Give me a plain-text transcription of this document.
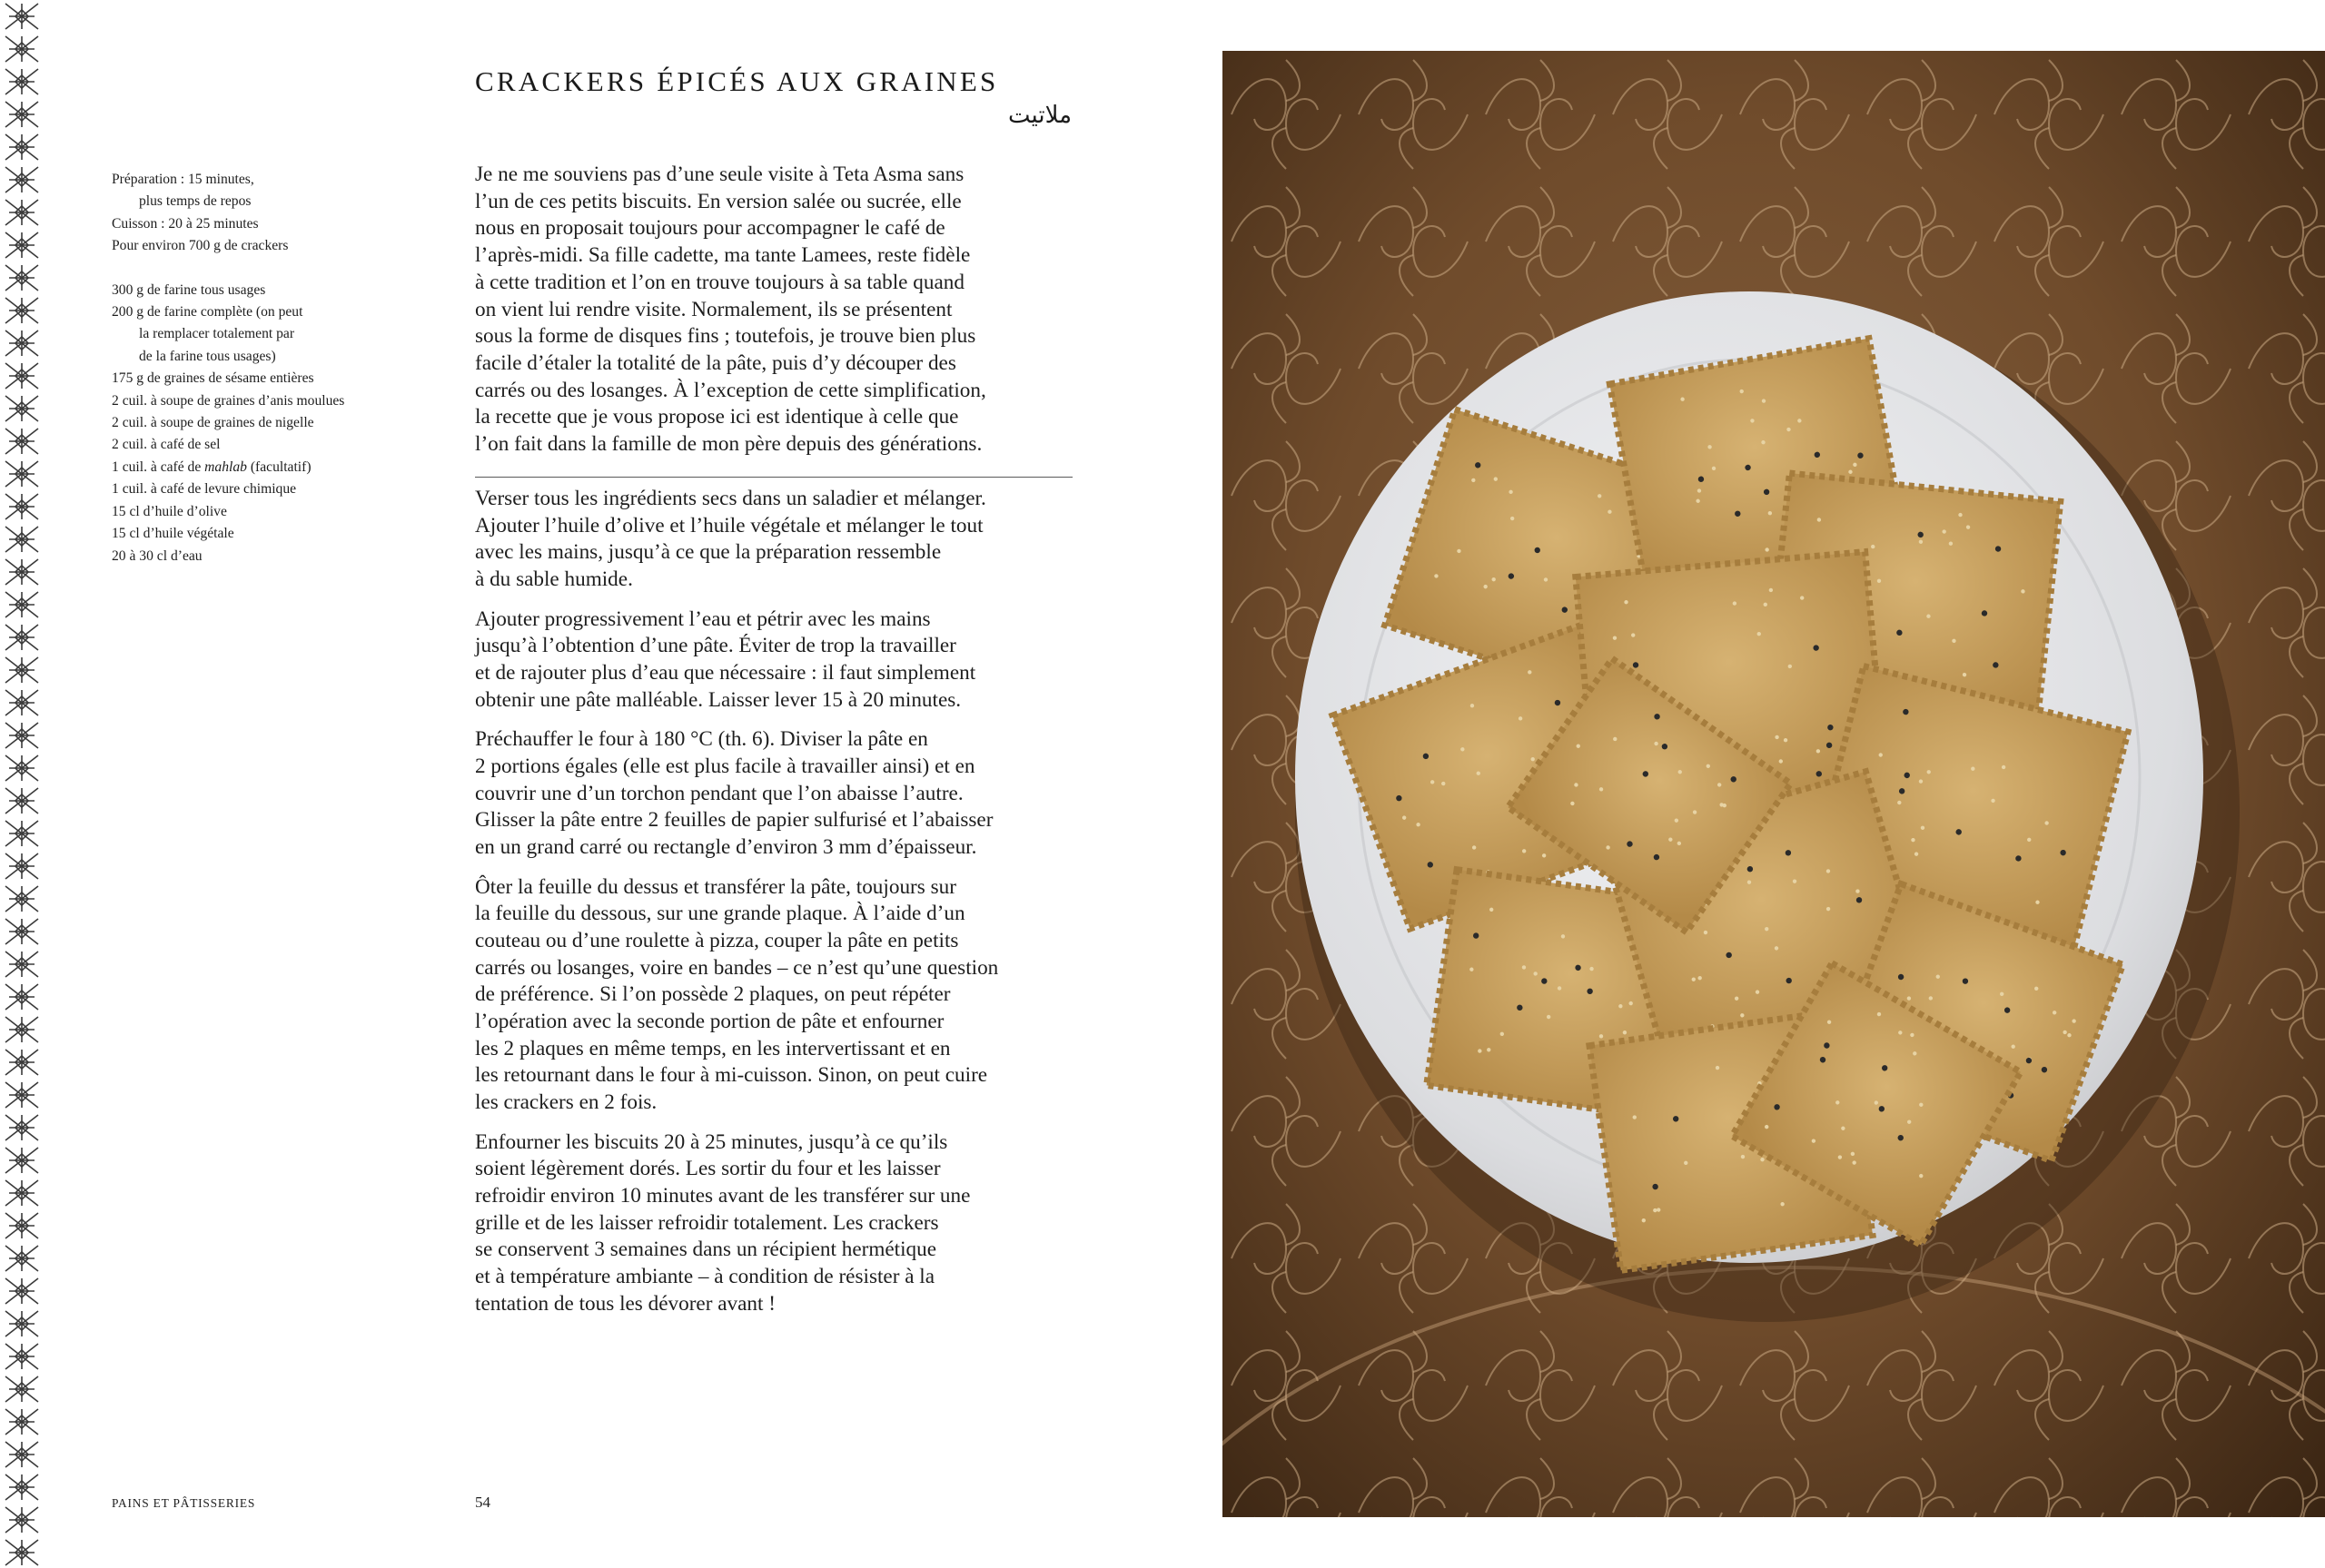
Préparation : 15 minutes,
plus temps de repos
Cuisson : 20 à 25 minutes
Pour environ 700 g de crackers
300 g de farine tous usages
200 g de farine complète (on peut
la remplacer totalement par
de la farine tous usages)
175 g de graines de sésame entières
2 cuil. à soupe de graines d’anis moulues
2 cuil. à soupe de graines de nigelle
2 cuil. à café de sel
1 cuil. à café de mahlab (facultatif)
1 cuil. à café de levure chimique
15 cl d’huile d’olive
15 cl d’huile végétale
20 à 30 cl d’eau
CRACKERS ÉPICÉS AUX GRAINES
ملاتيت
Je ne me souviens pas d’une seule visite à Teta Asma sans
l’un de ces petits biscuits. En version salée ou sucrée, elle
nous en proposait toujours pour accompagner le café de
l’après-midi. Sa fille cadette, ma tante Lamees, reste fidèle
à cette tradition et l’on en trouve toujours à sa table quand
on vient lui rendre visite. Normalement, ils se présentent
sous la forme de disques fins ; toutefois, je trouve bien plus
facile d’étaler la totalité de la pâte, puis d’y découper des
carrés ou des losanges. À l’exception de cette simplification,
la recette que je vous propose ici est identique à celle que
l’on fait dans la famille de mon père depuis des générations.

Verser tous les ingrédients secs dans un saladier et mélanger.
Ajouter l’huile d’olive et l’huile végétale et mélanger le tout
avec les mains, jusqu’à ce que la préparation ressemble
à du sable humide.

Ajouter progressivement l’eau et pétrir avec les mains
jusqu’à l’obtention d’une pâte. Éviter de trop la travailler
et de rajouter plus d’eau que nécessaire : il faut simplement
obtenir une pâte malléable. Laisser lever 15 à 20 minutes.

Préchauffer le four à 180 °C (th. 6). Diviser la pâte en
2 portions égales (elle est plus facile à travailler ainsi) et en
couvrir une d’un torchon pendant que l’on abaisse l’autre.
Glisser la pâte entre 2 feuilles de papier sulfurisé et l’abaisser
en un grand carré ou rectangle d’environ 3 mm d’épaisseur.

Ôter la feuille du dessus et transférer la pâte, toujours sur
la feuille du dessous, sur une grande plaque. À l’aide d’un
couteau ou d’une roulette à pizza, couper la pâte en petits
carrés ou losanges, voire en bandes – ce n’est qu’une question
de préférence. Si l’on possède 2 plaques, on peut répéter
l’opération avec la seconde portion de pâte et enfourner
les 2 plaques en même temps, en les intervertissant et en
les retournant dans le four à mi-cuisson. Sinon, on peut cuire
les crackers en 2 fois.

Enfourner les biscuits 20 à 25 minutes, jusqu’à ce qu’ils
soient légèrement dorés. Les sortir du four et les laisser
refroidir environ 10 minutes avant de les transférer sur une
grille et de les laisser refroidir totalement. Les crackers
se conservent 3 semaines dans un récipient hermétique
et à température ambiante – à condition de résister à la
tentation de tous les dévorer avant !

PAINS ET PÂTISSERIES	54
